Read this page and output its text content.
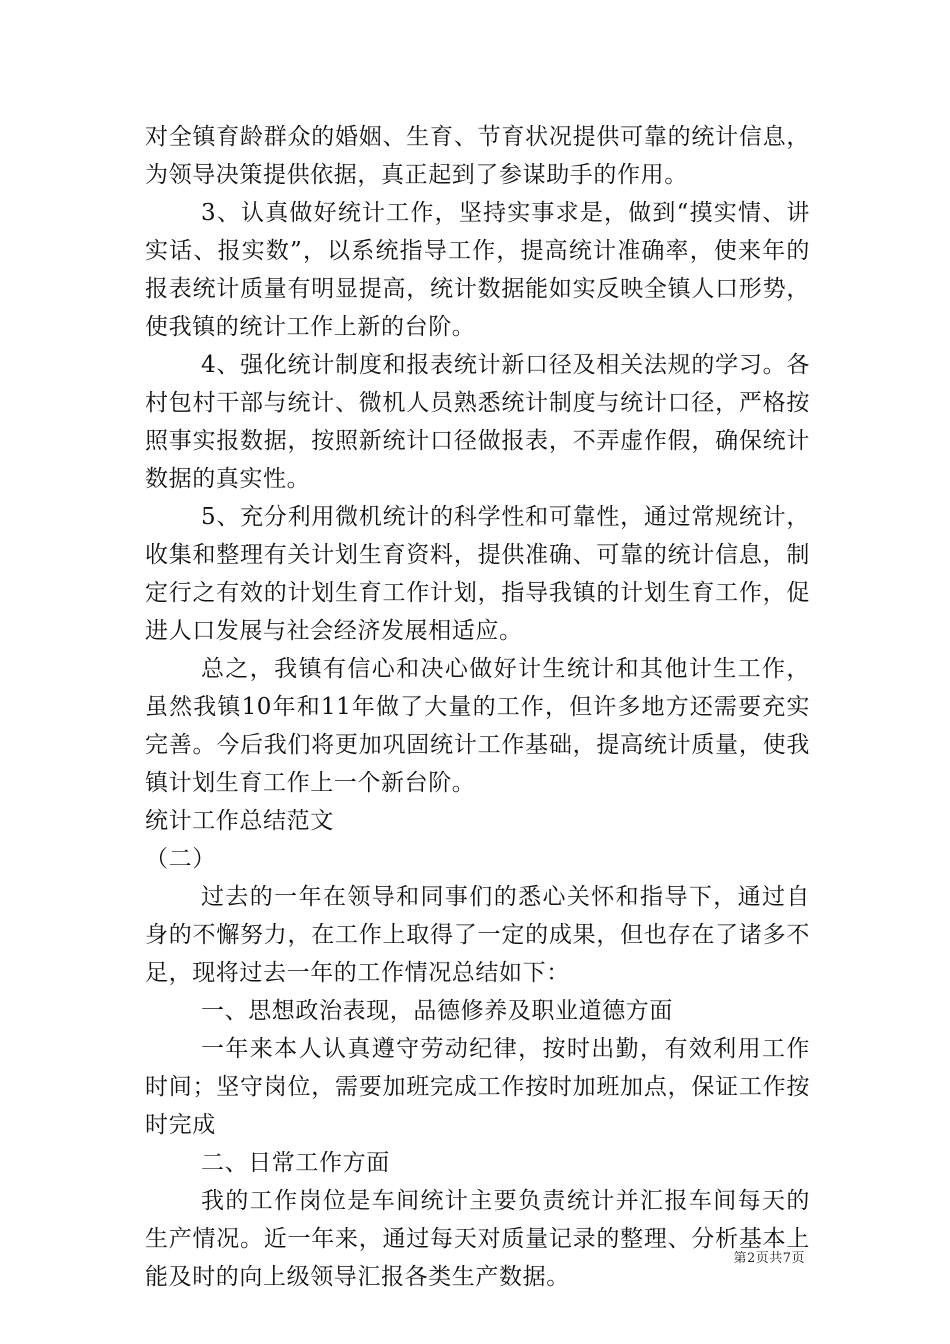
对全镇育龄群众的婚姻、生育、节育状况提供可靠的统计信息，为领导决策提供依据，真正起到了参谋助手的作用。

3、认真做好统计工作，坚持实事求是，做到“摸实情、讲实话、报实数”，以系统指导工作，提高统计准确率，使来年的报表统计质量有明显提高，统计数据能如实反映全镇人口形势，使我镇的统计工作上新的台阶。

4、强化统计制度和报表统计新口径及相关法规的学习。各村包村干部与统计、微机人员熟悉统计制度与统计口径，严格按照事实报数据，按照新统计口径做报表，不弄虚作假，确保统计数据的真实性。

5、充分利用微机统计的科学性和可靠性，通过常规统计，收集和整理有关计划生育资料，提供准确、可靠的统计信息，制定行之有效的计划生育工作计划，指导我镇的计划生育工作，促进人口发展与社会经济发展相适应。

总之，我镇有信心和决心做好计生统计和其他计生工作，虽然我镇10年和11年做了大量的工作，但许多地方还需要充实完善。今后我们将更加巩固统计工作基础，提高统计质量，使我镇计划生育工作上一个新台阶。

统计工作总结范文

（二）

过去的一年在领导和同事们的悉心关怀和指导下，通过自身的不懈努力，在工作上取得了一定的成果，但也存在了诸多不足，现将过去一年的工作情况总结如下：

一、思想政治表现，品德修养及职业道德方面

一年来本人认真遵守劳动纪律，按时出勤，有效利用工作时间；坚守岗位，需要加班完成工作按时加班加点，保证工作按时完成

二、日常工作方面

我的工作岗位是车间统计主要负责统计并汇报车间每天的生产情况。近一年来，通过每天对质量记录的整理、分析基本上能及时的向上级领导汇报各类生产数据。

第2页共7页
